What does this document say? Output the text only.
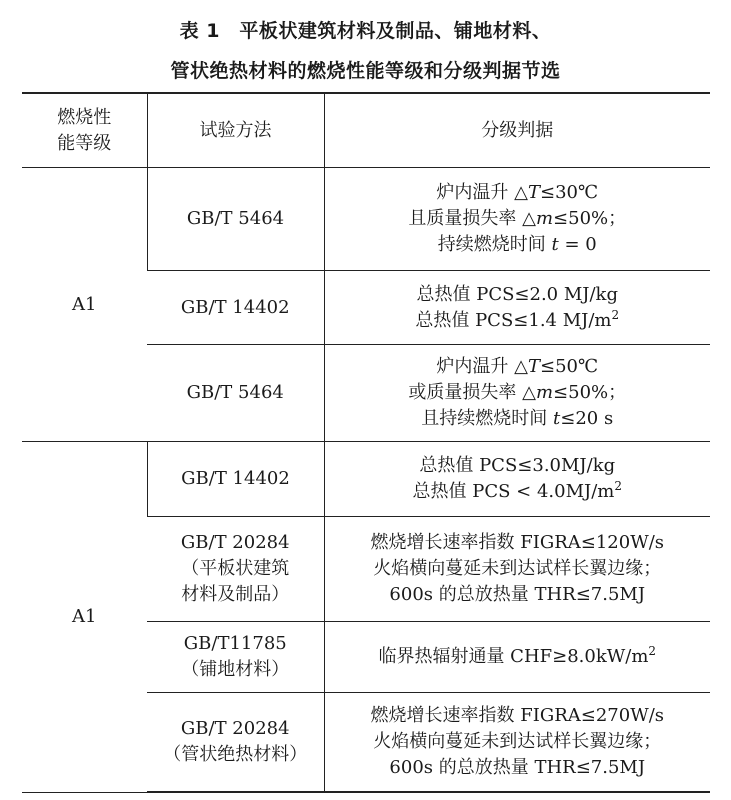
表 1　平板状建筑材料及制品、铺地材料、
管状绝热材料的燃烧性能等级和分级判据节选
燃烧性
能等级	试验方法	分级判据
A1	GB/T 5464	炉内温升 △T≤30℃
且质量损失率 △m≤50%；
持续燃烧时间 t = 0

	GB/T 14402	总热值 PCS≤2.0 MJ/kg
总热值 PCS≤1.4 $MJ/m^2$

	GB/T 5464	炉内温升 △T≤50℃
或质量损失率 △m≤50%；
且持续燃烧时间 t≤20 s

A1	GB/T 14402	总热值 PCS≤3.0MJ/kg
总热值 PCS < $4.0MJ/m^2$

	GB/T 20284
（平板状建筑
材料及制品）	燃烧增长速率指数 FIGRA≤120W/s
火焰横向蔓延未到达试样长翼边缘；
600s 的总放热量 THR≤7.5MJ

	GB/T11785
（铺地材料）	临界热辐射通量 $CHF\ge 8.0kW/m^2$

	GB/T 20284
（管状绝热材料）	燃烧增长速率指数 FIGRA≤270W/s
火焰横向蔓延未到达试样长翼边缘；
600s 的总放热量 THR≤7.5MJ
